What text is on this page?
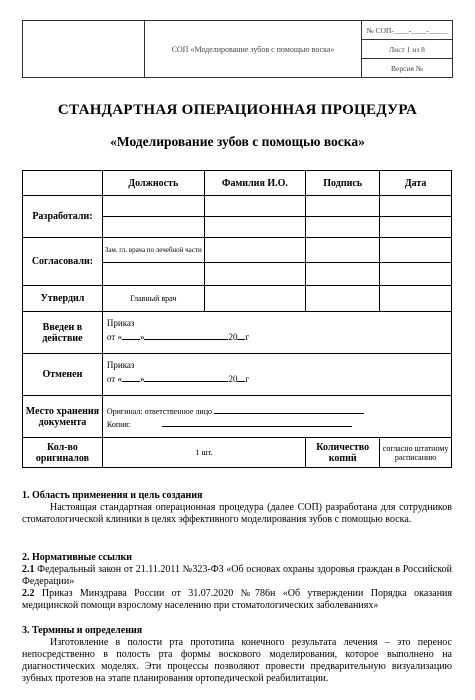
СОП «Моделирование зубов с помощью воска»
№ СОП-____-____-_____
Лист 1 из 8
Версия №
СТАНДАРТНАЯ ОПЕРАЦИОННАЯ ПРОЦЕДУРА
«Моделирование зубов с помощью воска»
	Должность	Фамилия И.О.	Подпись	Дата
Разработали:				

Согласовали:	Зам. гл. врача по лечебной части			

Утвердил	Главный врач			
Введен в действие	Приказ
от « » 20 г			
Отменен	Приказ
от « » 20 г			
Место хранения документа	Оригинал: ответственное лицо
Копия:			
Кол-во оригиналов	1 шт.		Количество копий	согласно штатному расписанию
1. Область применения и цель создания
Настоящая стандартная операционная процедура (далее СОП) разработана для сотрудников стоматологической клиники в целях эффективного моделирования зубов с помощью воска.
2. Нормативные ссылки
2.1 Федеральный закон от 21.11.2011 №323-ФЗ «Об основах охраны здоровья граждан в Российской Федерации»
2.2 Приказ Минздрава России от 31.07.2020 №786н «Об утверждении Порядка оказания медицинской помощи взрослому населению при стоматологических заболеваниях»
3. Термины и определения
Изготовление в полости рта прототипа конечного результата лечения – это перенос непосредственно в полость рта формы воскового моделирования, которое выполнено на диагностических моделях. Эти процессы позволяют провести предварительную визуализацию зубных протезов на этапе планирования ортопедической реабилитации.
